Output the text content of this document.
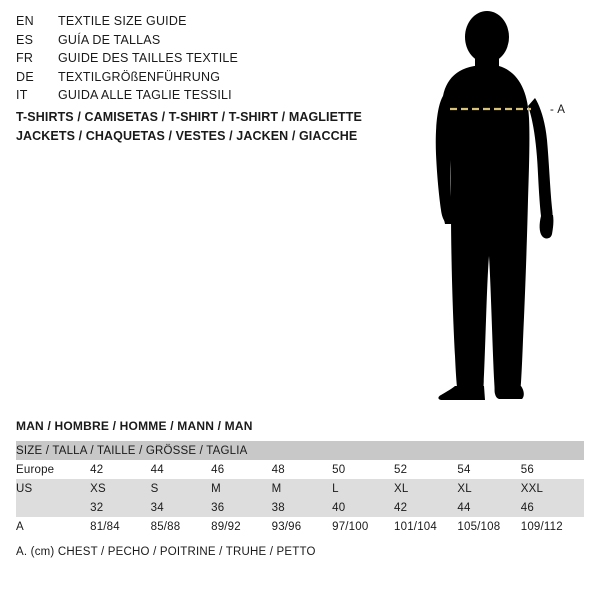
EN	TEXTILE SIZE GUIDE
ES	GUÍA DE TALLAS
FR	GUIDE DES TAILLES TEXTILE
DE	TEXTILGRÖßENFÜHRUNG
IT	GUIDA ALLE TAGLIE TESSILI
T-SHIRTS / CAMISETAS / T-SHIRT / T-SHIRT / MAGLIETTE
JACKETS / CHAQUETAS / VESTES / JACKEN / GIACCHE
- A
MAN / HOMBRE / HOMME / MANN / MAN
SIZE / TALLA / TAILLE / GRÖSSE / TAGLIA								
Europe	42	44	46	48	50	52	54	56
US	XS	S	M	M	L	XL	XL	XXL
	32	34	36	38	40	42	44	46
A	81/84	85/88	89/92	93/96	97/100	101/104	105/108	109/112
A. (cm) CHEST / PECHO / POITRINE / TRUHE / PETTO
